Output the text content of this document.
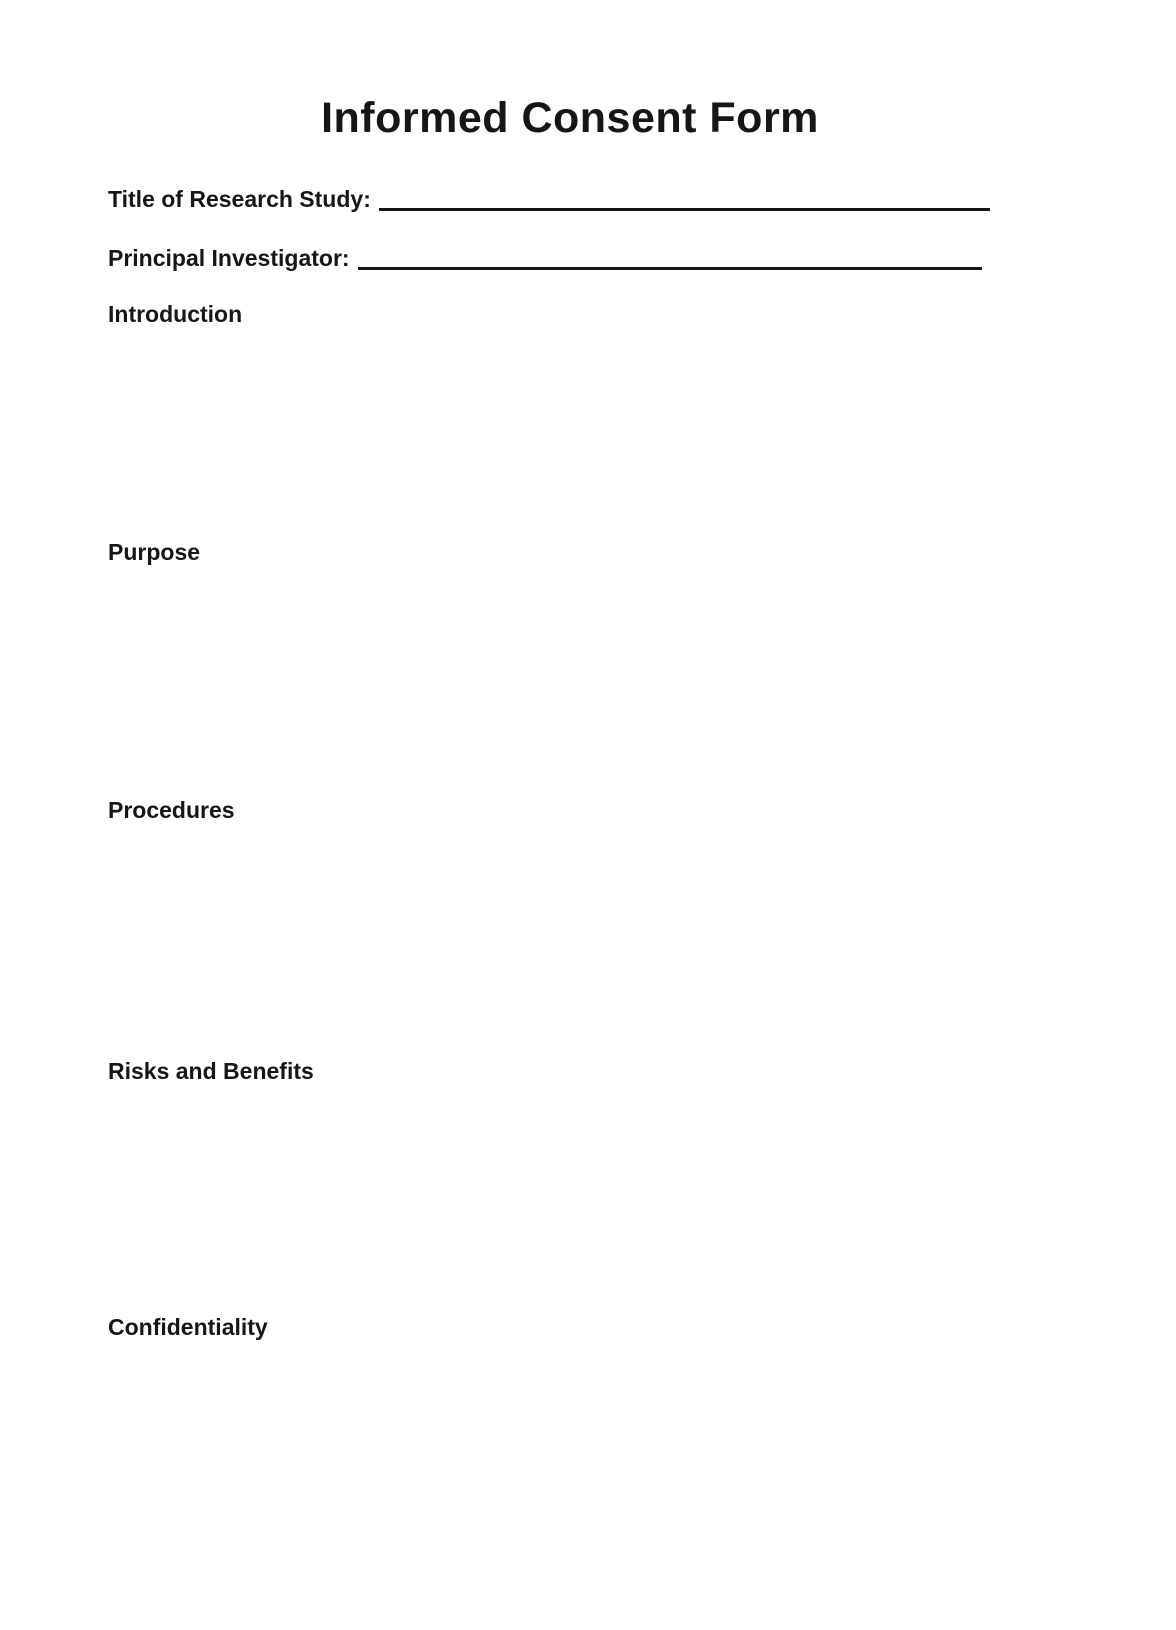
Informed Consent Form
Title of Research Study:
Principal Investigator:
Introduction
Purpose
Procedures
Risks and Benefits
Confidentiality
